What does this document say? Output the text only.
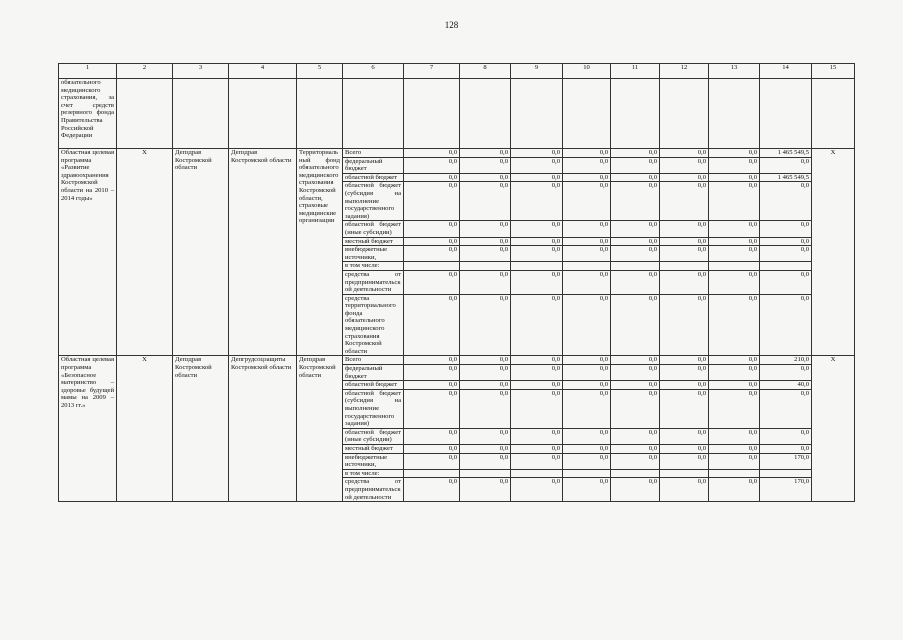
128
1	2	3	4	5	6	7	8	9	10	11	12	13	14	15
обязательного медицинского страхования, за счет средств резервного фонда Правительства Российской Федерации														
Областная целевая программа «Развитие здравоохранения Костромской области на 2010 – 2014 годы»	Х	Депздрав Костромской области	Депздрав Костромской области	Территориальный фонд обязательного медицинского страхования Костромской области, страховые медицинские организации	Всего	0,0	0,0	0,0	0,0	0,0	0,0	0,0	1 465 549,5	Х
					федеральный бюджет	0,0	0,0	0,0	0,0	0,0	0,0	0,0	0,0	
					областной бюджет	0,0	0,0	0,0	0,0	0,0	0,0	0,0	1 465 549,5	
					областной бюджет (субсидия на выполнение государственного задания)	0,0	0,0	0,0	0,0	0,0	0,0	0,0	0,0	
					областной бюджет (иные субсидии)	0,0	0,0	0,0	0,0	0,0	0,0	0,0	0,0	
					местный бюджет	0,0	0,0	0,0	0,0	0,0	0,0	0,0	0,0	
					внебюджетные источники,	0,0	0,0	0,0	0,0	0,0	0,0	0,0	0,0	
					в том числе:									
					средства от предпринимательской деятельности	0,0	0,0	0,0	0,0	0,0	0,0	0,0	0,0	
					средства территориального фонда обязательного медицинского страхования Костромской области	0,0	0,0	0,0	0,0	0,0	0,0	0,0	0,0	
Областная целевая программа «Безопасное материнство – здоровье будущей мамы на 2009 – 2013 гг.»	Х	Депздрав Костромской области	Депгрудсоцзащиты Костромской области	Депздрав Костромской области	Всего	0,0	0,0	0,0	0,0	0,0	0,0	0,0	210,0	Х
					федеральный бюджет	0,0	0,0	0,0	0,0	0,0	0,0	0,0	0,0	
					областной бюджет	0,0	0,0	0,0	0,0	0,0	0,0	0,0	40,0	
					областной бюджет (субсидия на выполнение государственного задания)	0,0	0,0	0,0	0,0	0,0	0,0	0,0	0,0	
					областной бюджет (иные субсидии)	0,0	0,0	0,0	0,0	0,0	0,0	0,0	0,0	
					местный бюджет	0,0	0,0	0,0	0,0	0,0	0,0	0,0	0,0	
					внебюджетные источники,	0,0	0,0	0,0	0,0	0,0	0,0	0,0	170,0	
					в том числе:									
					средства от предпринимательской деятельности	0,0	0,0	0,0	0,0	0,0	0,0	0,0	170,0	
